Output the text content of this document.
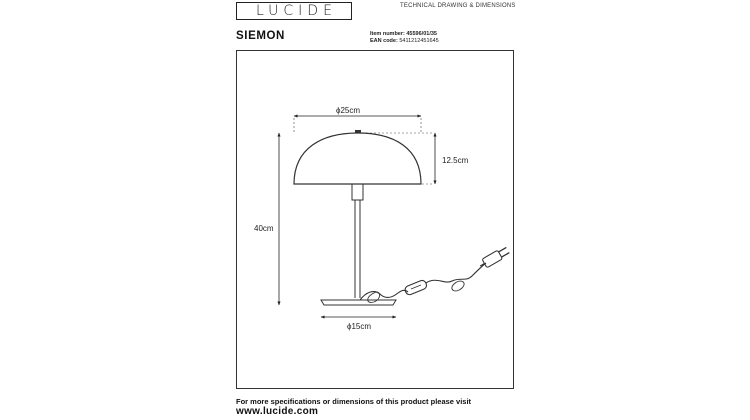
LUCIDE	TECHNICAL DRAWING & DIMENSIONS
SIEMON	Item number: 45596/01/35
EAN code: 5411212451645
ϕ25cm
12.5cm
40cm
ϕ15cm
For more specifications or dimensions of this product please visit
www.lucide.com
